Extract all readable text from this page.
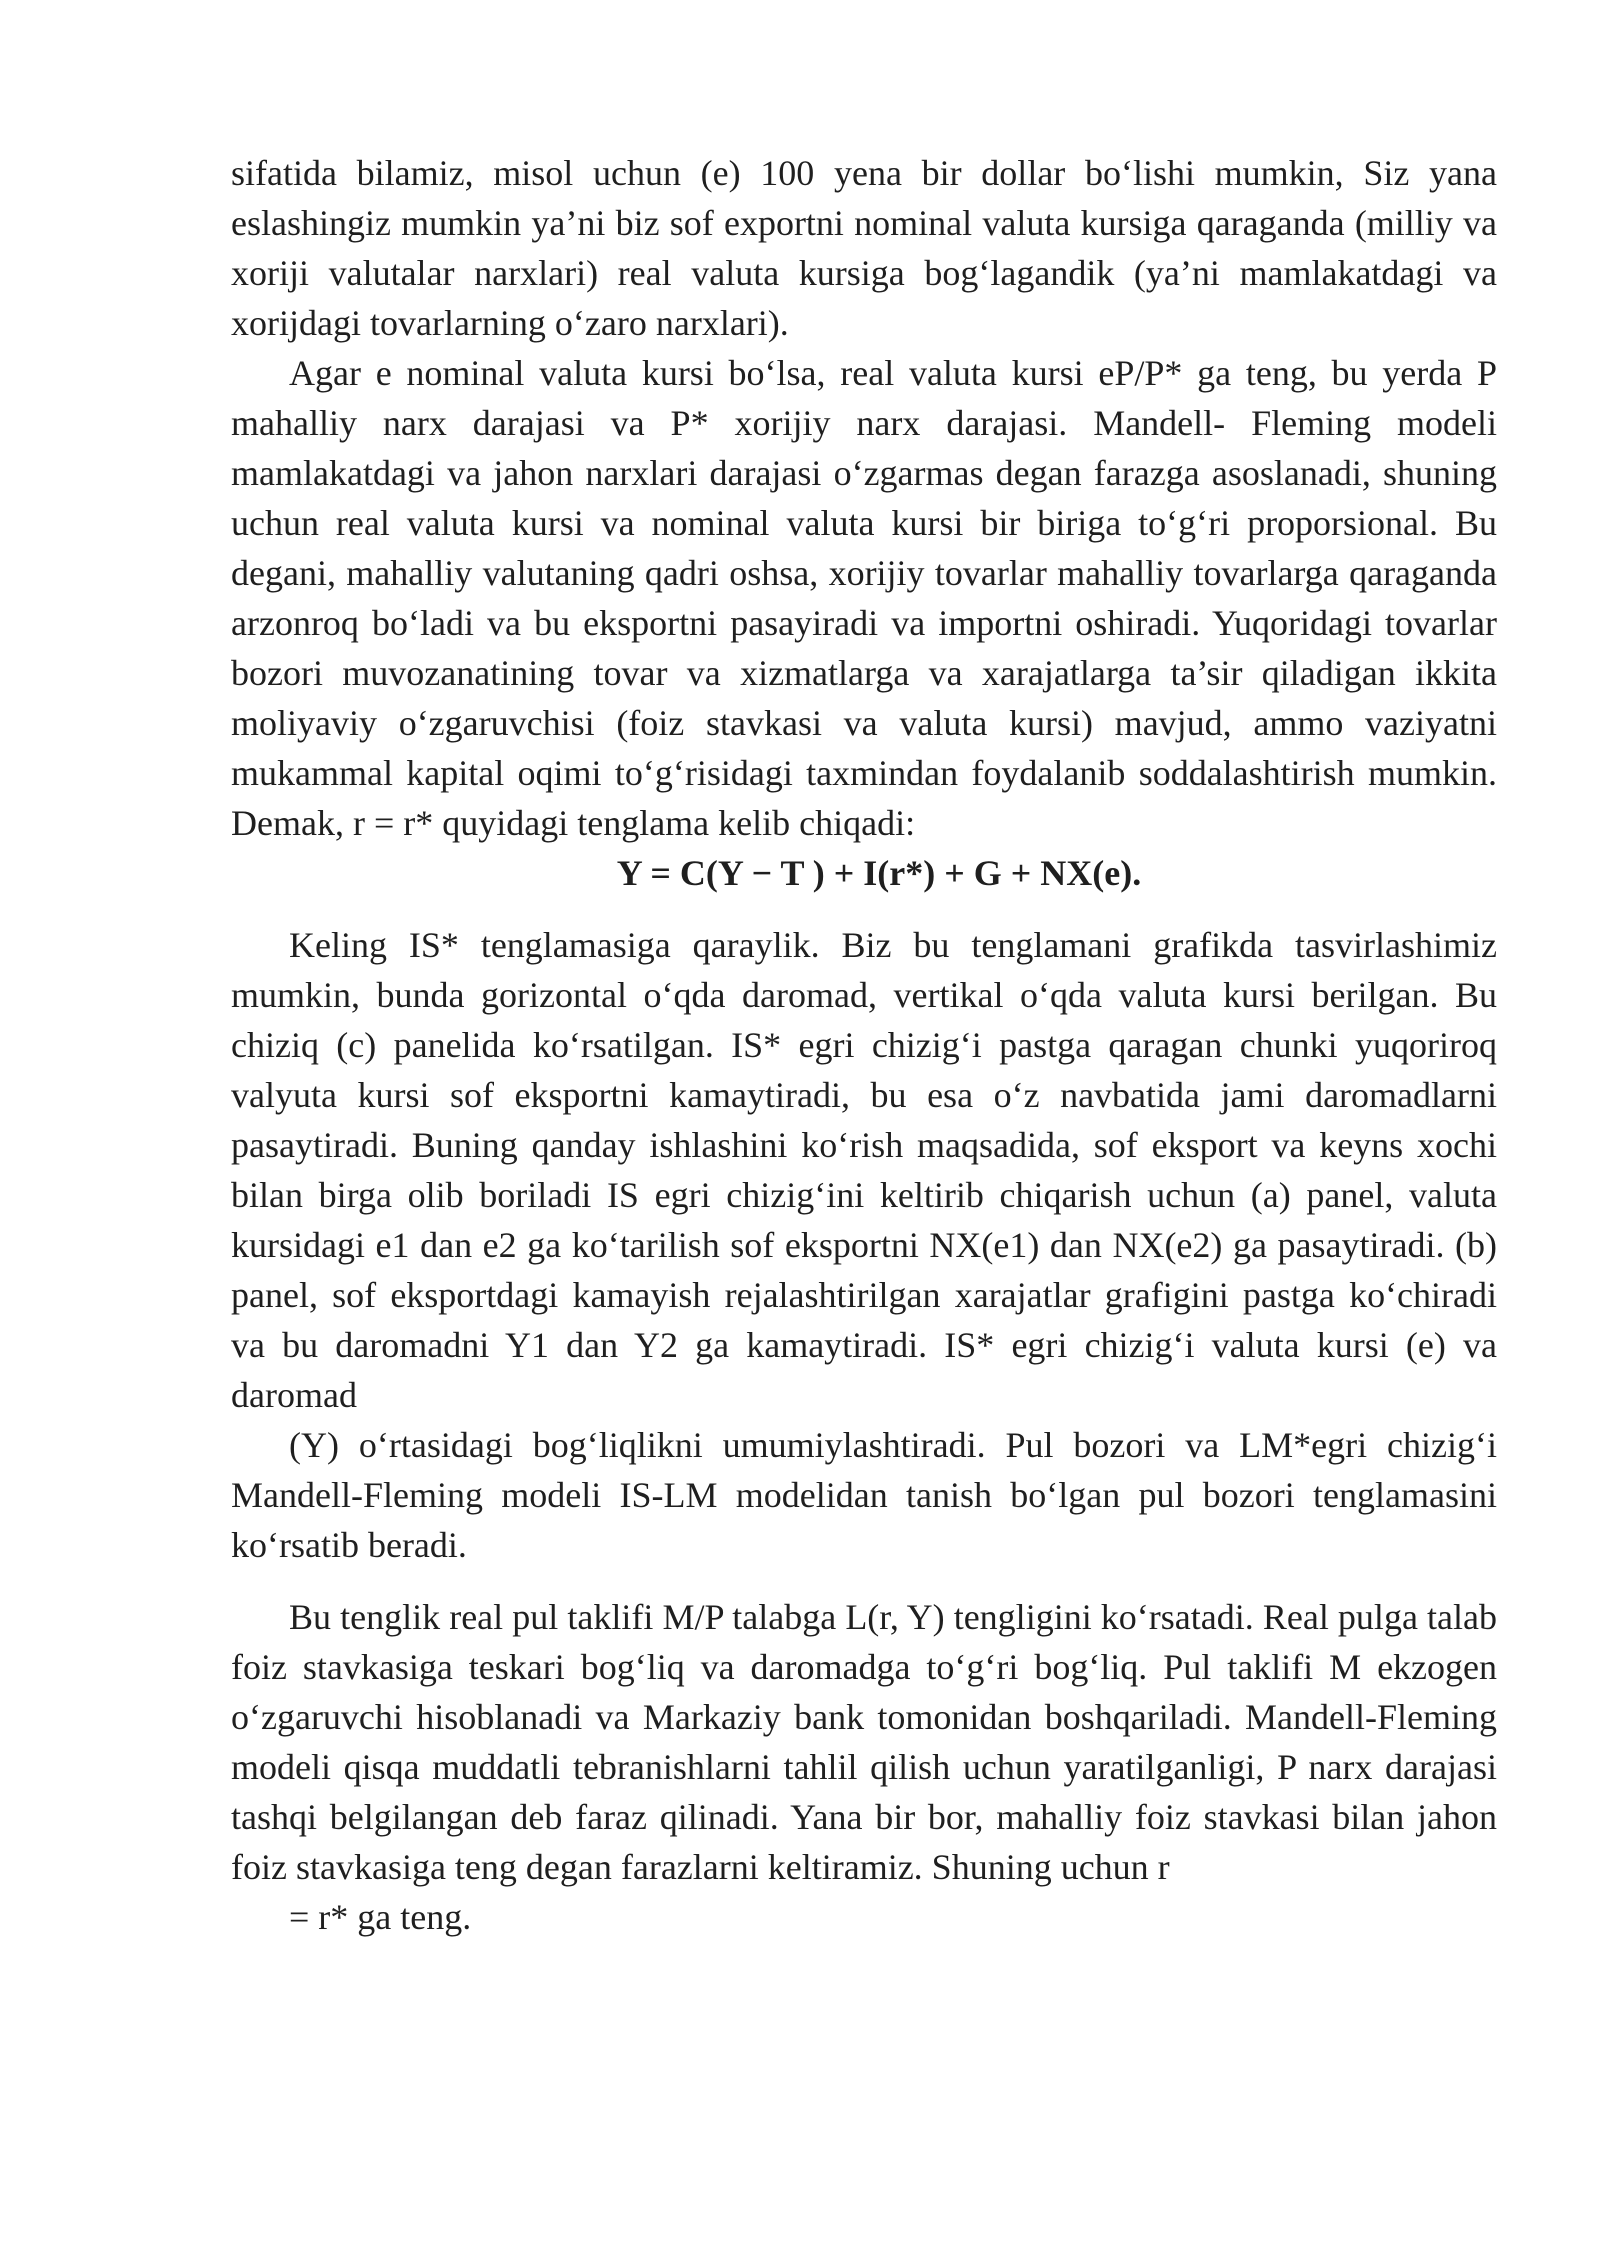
sifatida bilamiz, misol uchun (e) 100 yena bir dollar bo‘lishi mumkin, Siz yana eslashingiz mumkin ya’ni biz sof exportni nominal valuta kursiga qaraganda (milliy va xoriji valutalar narxlari) real valuta kursiga bog‘lagandik (ya’ni mamlakatdagi va xorijdagi tovarlarning o‘zaro narxlari).

Agar e nominal valuta kursi bo‘lsa, real valuta kursi eP/P* ga teng, bu yerda P mahalliy narx darajasi va P* xorijiy narx darajasi. Mandell- Fleming modeli mamlakatdagi va jahon narxlari darajasi o‘zgarmas degan farazga asoslanadi, shuning uchun real valuta kursi va nominal valuta kursi bir biriga to‘g‘ri proporsional. Bu degani, mahalliy valutaning qadri oshsa, xorijiy tovarlar mahalliy tovarlarga qaraganda arzonroq bo‘ladi va bu eksportni pasayiradi va importni oshiradi. Yuqoridagi tovarlar bozori muvozanatining tovar va xizmatlarga va xarajatlarga ta’sir qiladigan ikkita moliyaviy o‘zgaruvchisi (foiz stavkasi va valuta kursi) mavjud, ammo vaziyatni mukammal kapital oqimi to‘g‘risidagi taxmindan foydalanib soddalashtirish mumkin. Demak, r = r* quyidagi tenglama kelib chiqadi:

Y = C(Y − T ) + I(r*) + G + NX(e).

Keling IS* tenglamasiga qaraylik. Biz bu tenglamani grafikda tasvirlashimiz mumkin, bunda gorizontal o‘qda daromad, vertikal o‘qda valuta kursi berilgan. Bu chiziq (c) panelida ko‘rsatilgan. IS* egri chizig‘i pastga qaragan chunki yuqoriroq valyuta kursi sof eksportni kamaytiradi, bu esa o‘z navbatida jami daromadlarni pasaytiradi. Buning qanday ishlashini ko‘rish maqsadida, sof eksport va keyns xochi bilan birga olib boriladi IS egri chizig‘ini keltirib chiqarish uchun (a) panel, valuta kursidagi e1 dan e2 ga ko‘tarilish sof eksportni NX(e1) dan NX(e2) ga pasaytiradi. (b) panel, sof eksportdagi kamayish rejalashtirilgan xarajatlar grafigini pastga ko‘chiradi va bu daromadni Y1 dan Y2 ga kamaytiradi. IS* egri chizig‘i valuta kursi (e) va daromad

(Y) o‘rtasidagi bog‘liqlikni umumiylashtiradi. Pul bozori va LM*egri chizig‘i Mandell-Fleming modeli IS-LM modelidan tanish bo‘lgan pul bozori tenglamasini ko‘rsatib beradi.

Bu tenglik real pul taklifi M/P talabga L(r, Y) tengligini ko‘rsatadi. Real pulga talab foiz stavkasiga teskari bog‘liq va daromadga to‘g‘ri bog‘liq. Pul taklifi M ekzogen o‘zgaruvchi hisoblanadi va Markaziy bank tomonidan boshqariladi. Mandell-Fleming modeli qisqa muddatli tebranishlarni tahlil qilish uchun yaratilganligi, P narx darajasi tashqi belgilangan deb faraz qilinadi. Yana bir bor, mahalliy foiz stavkasi bilan jahon foiz stavkasiga teng degan farazlarni keltiramiz. Shuning uchun r

= r* ga teng.
